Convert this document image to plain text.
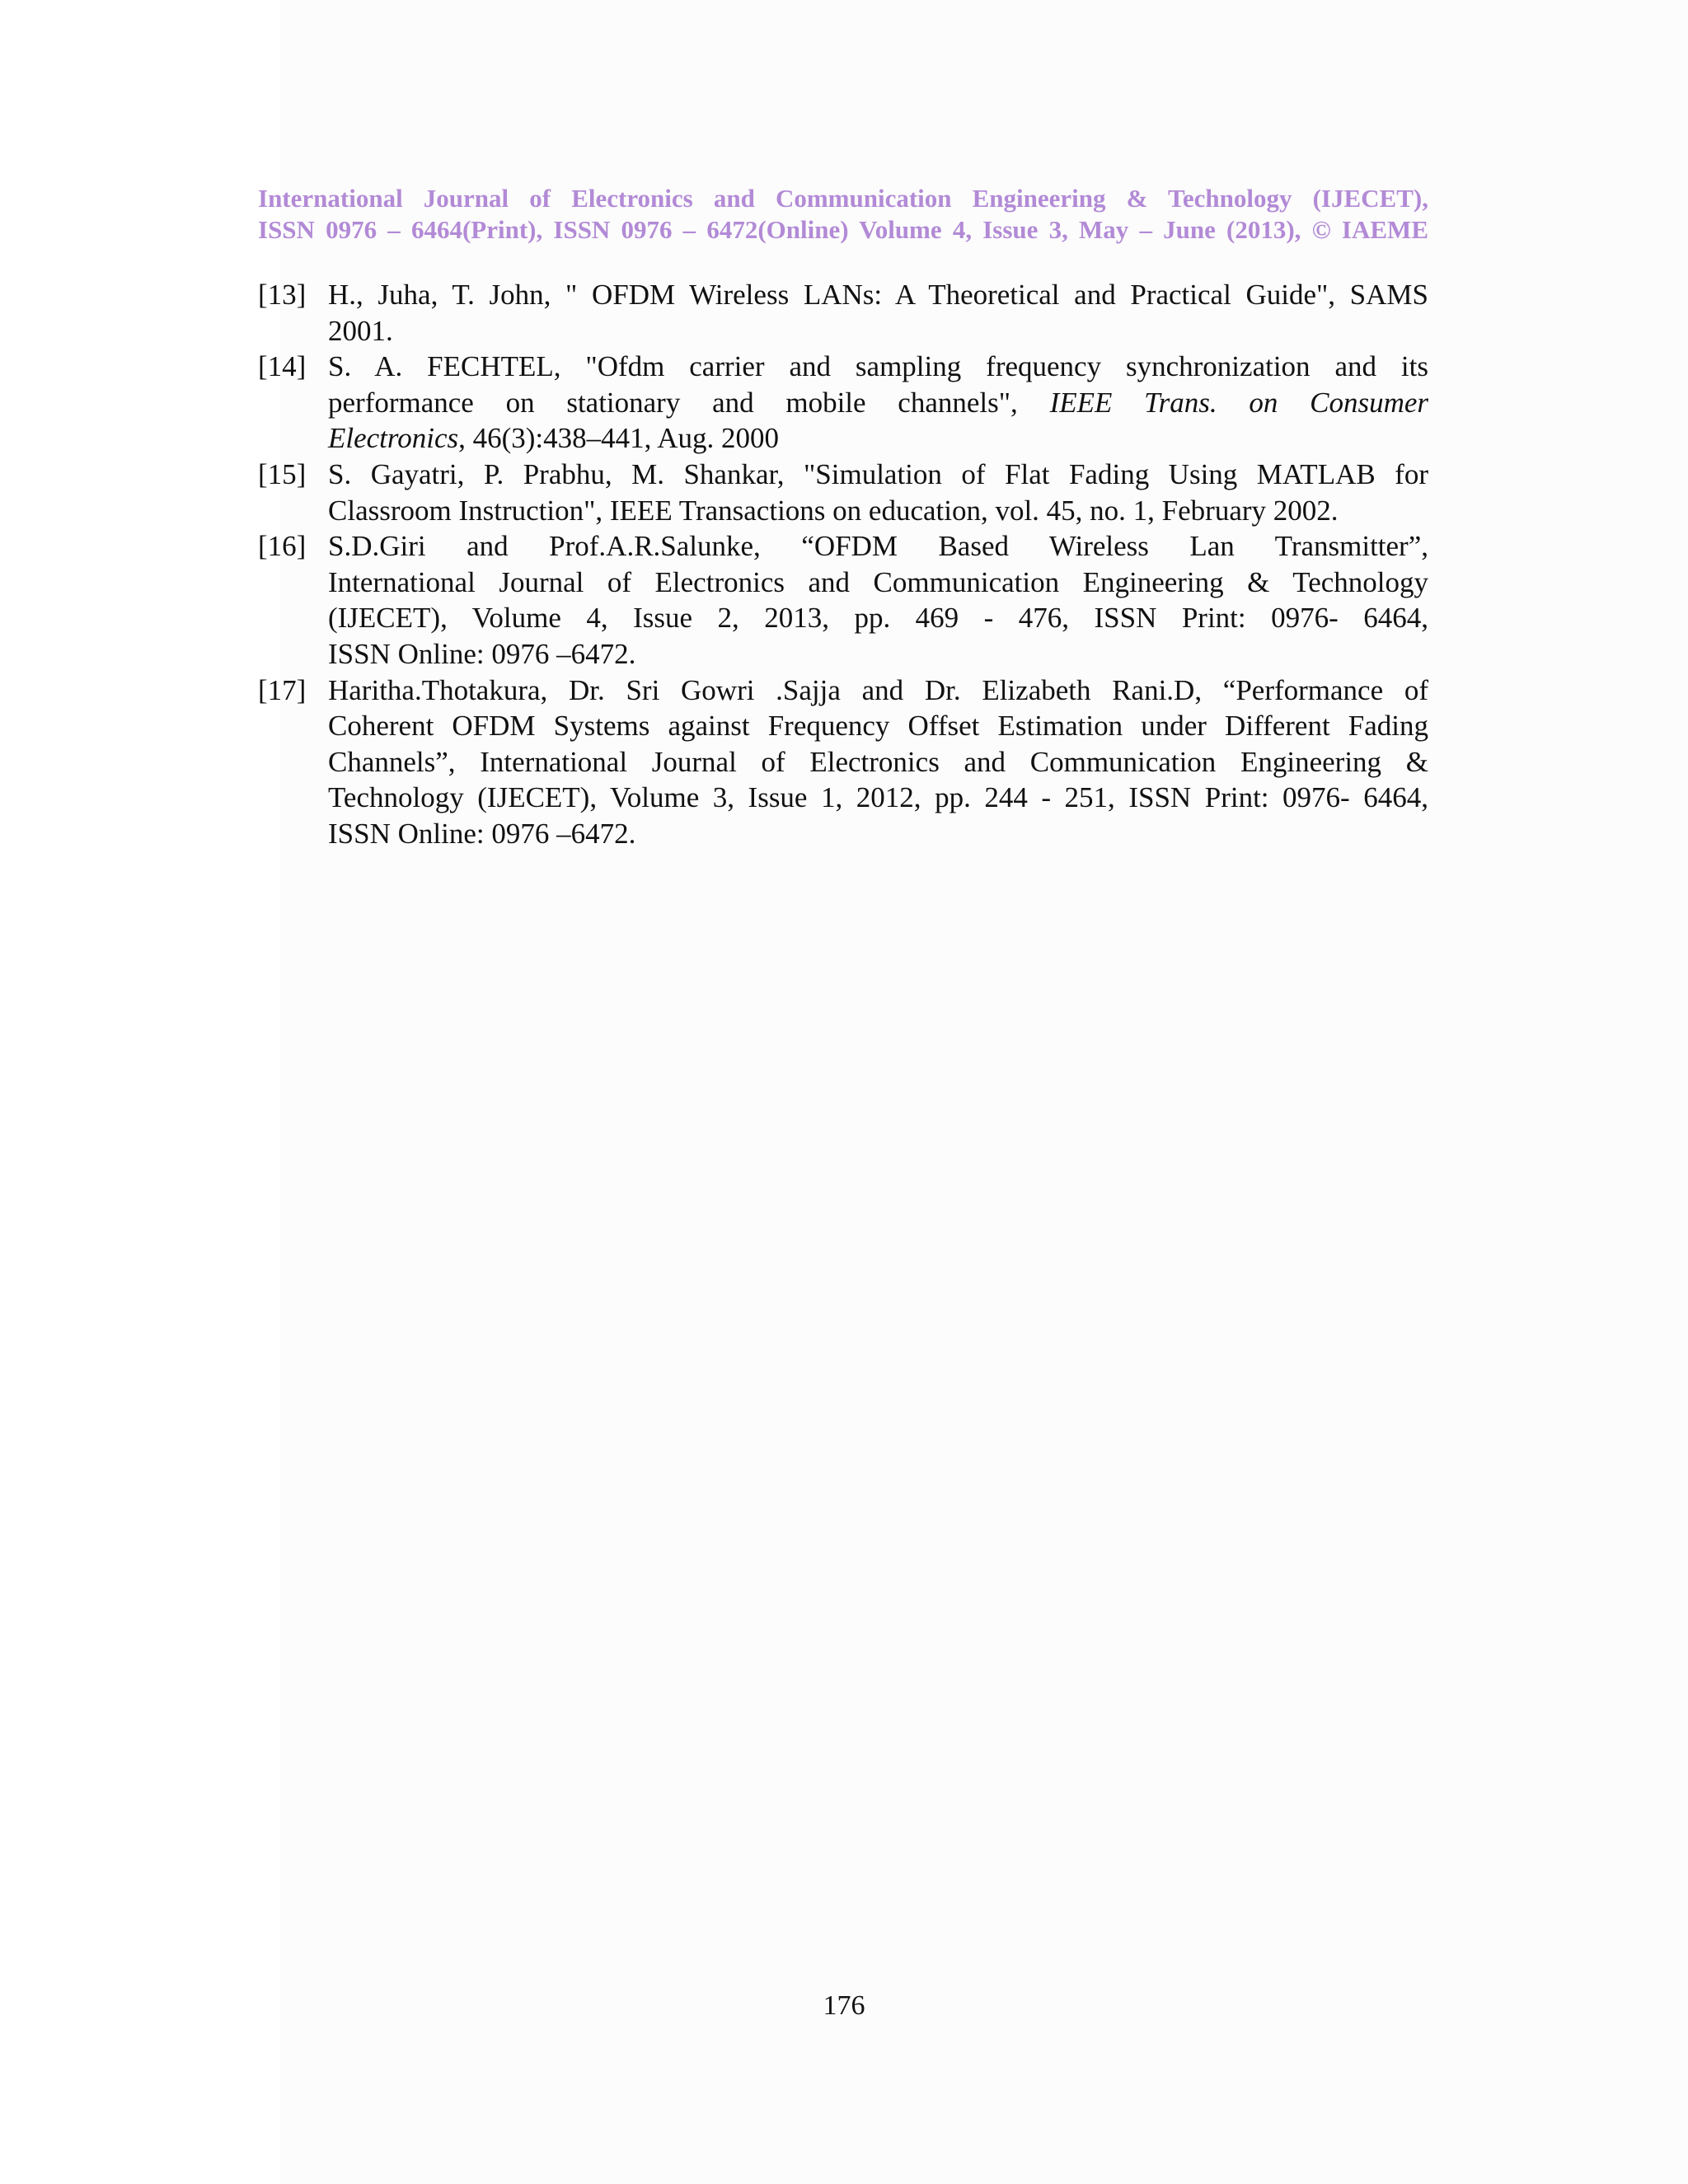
International Journal of Electronics and Communication Engineering & Technology (IJECET),
ISSN 0976 – 6464(Print), ISSN 0976 – 6472(Online) Volume 4, Issue 3, May – June (2013), © IAEME
[13] H., Juha, T. John, " OFDM Wireless LANs: A Theoretical and Practical Guide", SAMS
2001.
[14] S. A. FECHTEL, "Ofdm carrier and sampling frequency synchronization and its
performance on stationary and mobile channels", IEEE Trans. on Consumer
Electronics, 46(3):438–441, Aug. 2000
[15] S. Gayatri, P. Prabhu, M. Shankar, "Simulation of Flat Fading Using MATLAB for
Classroom Instruction", IEEE Transactions on education, vol. 45, no. 1, February 2002.
[16] S.D.Giri and Prof.A.R.Salunke, “OFDM Based Wireless Lan Transmitter”,
International Journal of Electronics and Communication Engineering & Technology
(IJECET), Volume 4, Issue 2, 2013, pp. 469 - 476, ISSN Print: 0976- 6464,
ISSN Online: 0976 –6472.
[17] Haritha.Thotakura, Dr. Sri Gowri .Sajja and Dr. Elizabeth Rani.D, “Performance of
Coherent OFDM Systems against Frequency Offset Estimation under Different Fading
Channels”, International Journal of Electronics and Communication Engineering &
Technology (IJECET), Volume 3, Issue 1, 2012, pp. 244 - 251, ISSN Print: 0976- 6464,
ISSN Online: 0976 –6472.
176
